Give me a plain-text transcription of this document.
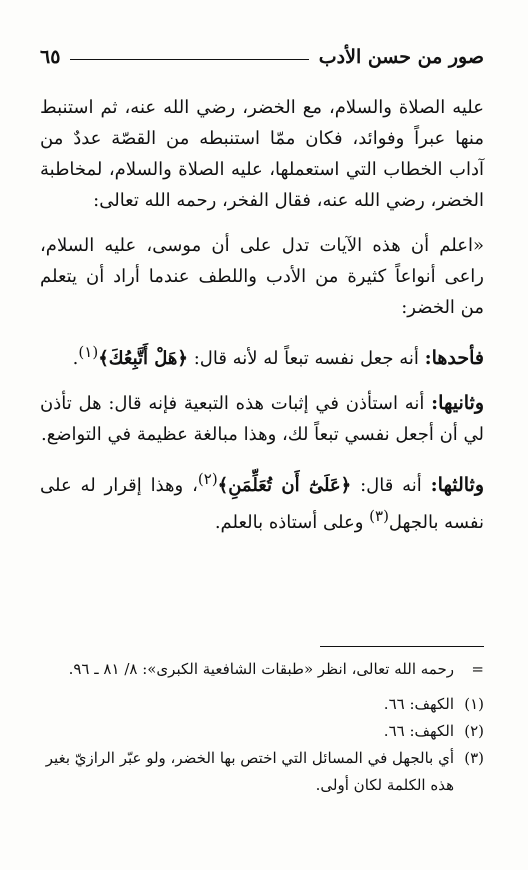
صور من حسن الأدب
٦٥

عليه الصلاة والسلام، مع الخضر، رضي الله عنه، ثم استنبط منها عبراً وفوائد، فكان ممّا استنبطه من القصّة عددٌ من آداب الخطاب التي استعملها، عليه الصلاة والسلام، لمخاطبة الخضر، رضي الله عنه، فقال الفخر، رحمه الله تعالى:

«اعلم أن هذه الآيات تدل على أن موسى، عليه السلام، راعى أنواعاً كثيرة من الأدب واللطف عندما أراد أن يتعلم من الخضر:

فأحدها: أنه جعل نفسه تبعاً له لأنه قال: ﴿هَلْ أَتَّبِعُكَ﴾$^{(١)}$.

وثانيها: أنه استأذن في إثبات هذه التبعية فإنه قال: هل تأذن لي أن أجعل نفسي تبعاً لك، وهذا مبالغة عظيمة في التواضع.

وثالثها: أنه قال: ﴿عَلَىٰٓ أَن تُعَلِّمَنِ﴾$^{(٢)}$، وهذا إقرار له على نفسه بالجهل$^{(٣)}$ وعلى أستاذه بالعلم.

=
رحمه الله تعالى، انظر «طبقات الشافعية الكبرى»: ٨/ ٨١ ـ ٩٦.

(١)
الكهف: ٦٦.

(٢)
الكهف: ٦٦.

(٣)
أي بالجهل في المسائل التي اختص بها الخضر، ولو عبّر الرازيّ بغير هذه الكلمة لكان أولى.
